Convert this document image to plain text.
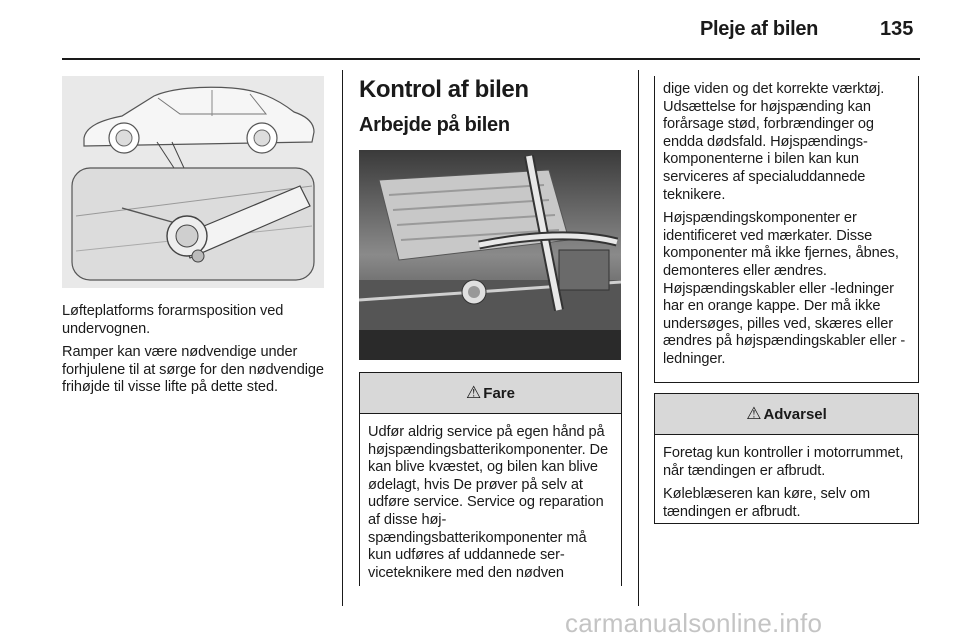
Pleje af bilen	135

Løfteplatforms forarmsposition ved undervognen.

Ramper kan være nødvendige under forhjulene til at sørge for den nødvendige frihøjde til visse lifte på dette sted.

Kontrol af bilen
Arbejde på bilen
⚠ Fare

Udfør aldrig service på egen hånd på højspændingsbatterikomponenter. De kan blive kvæstet, og bilen kan blive ødelagt, hvis De prøver på selv at udføre service. Service og reparation af disse højspændingsbatterikomponenter må kun udføres af uddannede serviceteknikere med den nødven

dige viden og det korrekte værktøj. Udsættelse for højspænding kan forårsage stød, forbrændinger og endda dødsfald. Højspændingskomponenterne i bilen kan kun serviceres af specialuddannede teknikere.

Højspændingskomponenter er identificeret ved mærkater. Disse komponenter må ikke fjernes, åbnes, demonteres eller ændres. Højspændingskabler eller -ledninger har en orange kappe. Der må ikke undersøges, pilles ved, skæres eller ændres på højspændingskabler eller -ledninger.

⚠ Advarsel

Foretag kun kontroller i motorrummet, når tændingen er afbrudt.

Køleblæseren kan køre, selv om tændingen er afbrudt.

carmanualsonline.info
